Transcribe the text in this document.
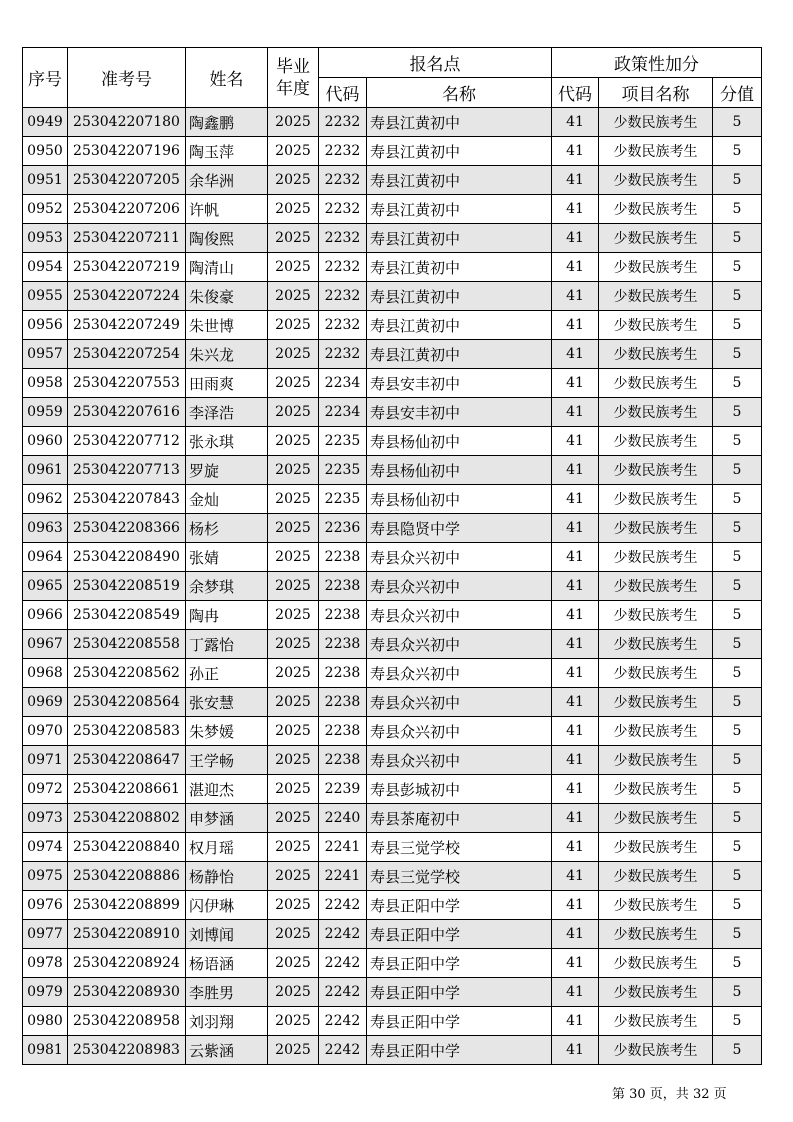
序号	准考号	姓名	毕业年度	报名点		政策性加分		
				代码	名称	代码	项目名称	分值
0949	253042207180	陶鑫鹏	2025	2232	寿县江黄初中	41	少数民族考生	5
0950	253042207196	陶玉萍	2025	2232	寿县江黄初中	41	少数民族考生	5
0951	253042207205	余华洲	2025	2232	寿县江黄初中	41	少数民族考生	5
0952	253042207206	许帆	2025	2232	寿县江黄初中	41	少数民族考生	5
0953	253042207211	陶俊熙	2025	2232	寿县江黄初中	41	少数民族考生	5
0954	253042207219	陶清山	2025	2232	寿县江黄初中	41	少数民族考生	5
0955	253042207224	朱俊豪	2025	2232	寿县江黄初中	41	少数民族考生	5
0956	253042207249	朱世博	2025	2232	寿县江黄初中	41	少数民族考生	5
0957	253042207254	朱兴龙	2025	2232	寿县江黄初中	41	少数民族考生	5
0958	253042207553	田雨爽	2025	2234	寿县安丰初中	41	少数民族考生	5
0959	253042207616	李泽浩	2025	2234	寿县安丰初中	41	少数民族考生	5
0960	253042207712	张永琪	2025	2235	寿县杨仙初中	41	少数民族考生	5
0961	253042207713	罗旋	2025	2235	寿县杨仙初中	41	少数民族考生	5
0962	253042207843	金灿	2025	2235	寿县杨仙初中	41	少数民族考生	5
0963	253042208366	杨杉	2025	2236	寿县隐贤中学	41	少数民族考生	5
0964	253042208490	张婧	2025	2238	寿县众兴初中	41	少数民族考生	5
0965	253042208519	余梦琪	2025	2238	寿县众兴初中	41	少数民族考生	5
0966	253042208549	陶冉	2025	2238	寿县众兴初中	41	少数民族考生	5
0967	253042208558	丁露怡	2025	2238	寿县众兴初中	41	少数民族考生	5
0968	253042208562	孙正	2025	2238	寿县众兴初中	41	少数民族考生	5
0969	253042208564	张安慧	2025	2238	寿县众兴初中	41	少数民族考生	5
0970	253042208583	朱梦媛	2025	2238	寿县众兴初中	41	少数民族考生	5
0971	253042208647	王学畅	2025	2238	寿县众兴初中	41	少数民族考生	5
0972	253042208661	湛迎杰	2025	2239	寿县彭城初中	41	少数民族考生	5
0973	253042208802	申梦涵	2025	2240	寿县茶庵初中	41	少数民族考生	5
0974	253042208840	权月瑶	2025	2241	寿县三觉学校	41	少数民族考生	5
0975	253042208886	杨静怡	2025	2241	寿县三觉学校	41	少数民族考生	5
0976	253042208899	闪伊琳	2025	2242	寿县正阳中学	41	少数民族考生	5
0977	253042208910	刘博闻	2025	2242	寿县正阳中学	41	少数民族考生	5
0978	253042208924	杨语涵	2025	2242	寿县正阳中学	41	少数民族考生	5
0979	253042208930	李胜男	2025	2242	寿县正阳中学	41	少数民族考生	5
0980	253042208958	刘羽翔	2025	2242	寿县正阳中学	41	少数民族考生	5
0981	253042208983	云紫涵	2025	2242	寿县正阳中学	41	少数民族考生	5
第 30 页，共 32 页
